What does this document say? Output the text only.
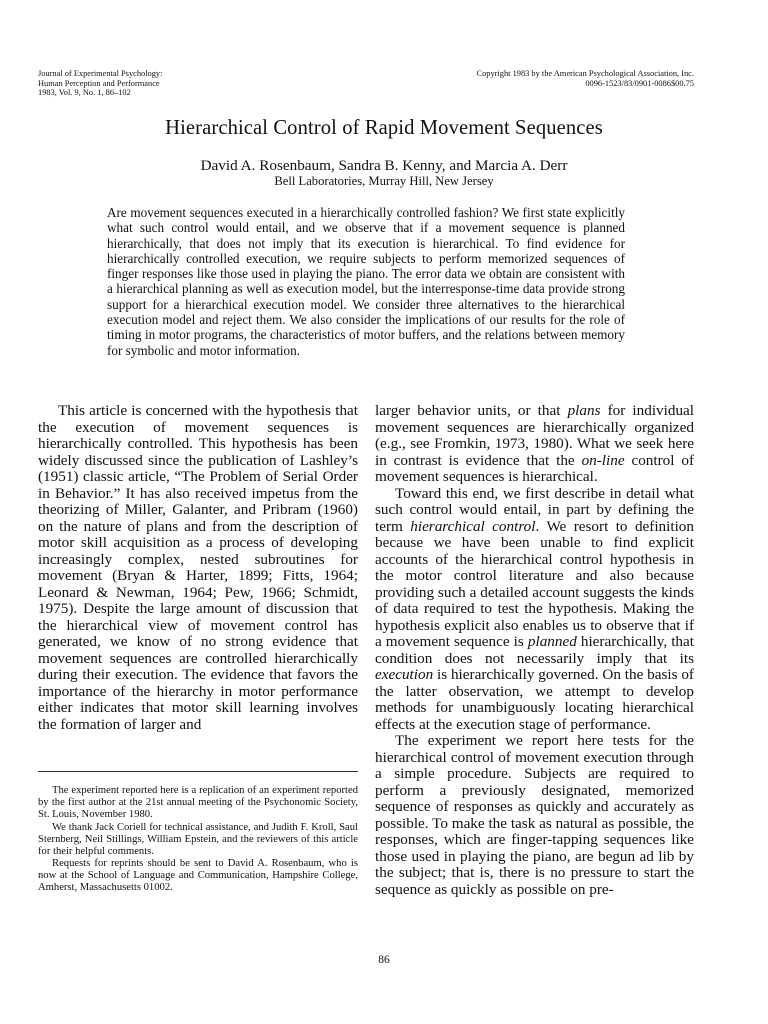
Journal of Experimental Psychology:
Human Perception and Performance
1983, Vol. 9, No. 1, 86–102
Copyright 1983 by the American Psychological Association, Inc.
0096-1523/83/0901-0086$00.75
Hierarchical Control of Rapid Movement Sequences
David A. Rosenbaum, Sandra B. Kenny, and Marcia A. Derr
Bell Laboratories, Murray Hill, New Jersey
Are movement sequences executed in a hierarchically controlled fashion? We first state explicitly what such control would entail, and we observe that if a movement sequence is planned hierarchically, that does not imply that its execution is hierarchical. To find evidence for hierarchically controlled execution, we require subjects to perform memorized sequences of finger responses like those used in playing the piano. The error data we obtain are consistent with a hierarchical planning as well as execution model, but the interresponse-time data provide strong support for a hierarchical execution model. We consider three alternatives to the hierarchical execution model and reject them. We also consider the implications of our results for the role of timing in motor programs, the characteristics of motor buffers, and the relations between memory for symbolic and motor information.

This article is concerned with the hypothesis that the execution of movement sequences is hierarchically controlled. This hypothesis has been widely discussed since the publication of Lashley’s (1951) classic article, “The Problem of Serial Order in Behavior.” It has also received impetus from the theorizing of Miller, Galanter, and Pribram (1960) on the nature of plans and from the description of motor skill acquisition as a process of developing increasingly complex, nested subroutines for movement (Bryan & Harter, 1899; Fitts, 1964; Leonard & Newman, 1964; Pew, 1966; Schmidt, 1975). Despite the large amount of discussion that the hierarchical view of movement control has generated, we know of no strong evidence that movement sequences are controlled hierarchically during their execution. The evidence that favors the importance of the hierarchy in motor performance either indicates that motor skill learning involves the formation of larger and

larger behavior units, or that plans for individual movement sequences are hierarchically organized (e.g., see Fromkin, 1973, 1980). What we seek here in contrast is evidence that the on-line control of movement sequences is hierarchical.

Toward this end, we first describe in detail what such control would entail, in part by defining the term hierarchical control. We resort to definition because we have been unable to find explicit accounts of the hierarchical control hypothesis in the motor control literature and also because providing such a detailed account suggests the kinds of data required to test the hypothesis. Making the hypothesis explicit also enables us to observe that if a movement sequence is planned hierarchically, that condition does not necessarily imply that its execution is hierarchically governed. On the basis of the latter observation, we attempt to develop methods for unambiguously locating hierarchical effects at the execution stage of performance.

The experiment we report here tests for the hierarchical control of movement execution through a simple procedure. Subjects are required to perform a previously designated, memorized sequence of responses as quickly and accurately as possible. To make the task as natural as possible, the responses, which are finger-tapping sequences like those used in playing the piano, are begun ad lib by the subject; that is, there is no pressure to start the sequence as quickly as possible on pre-

The experiment reported here is a replication of an experiment reported by the first author at the 21st annual meeting of the Psychonomic Society, St. Louis, November 1980.

We thank Jack Coriell for technical assistance, and Judith F. Kroll, Saul Sternberg, Neil Stillings, William Epstein, and the reviewers of this article for their helpful comments.

Requests for reprints should be sent to David A. Rosenbaum, who is now at the School of Language and Communication, Hampshire College, Amherst, Massachusetts 01002.

86
